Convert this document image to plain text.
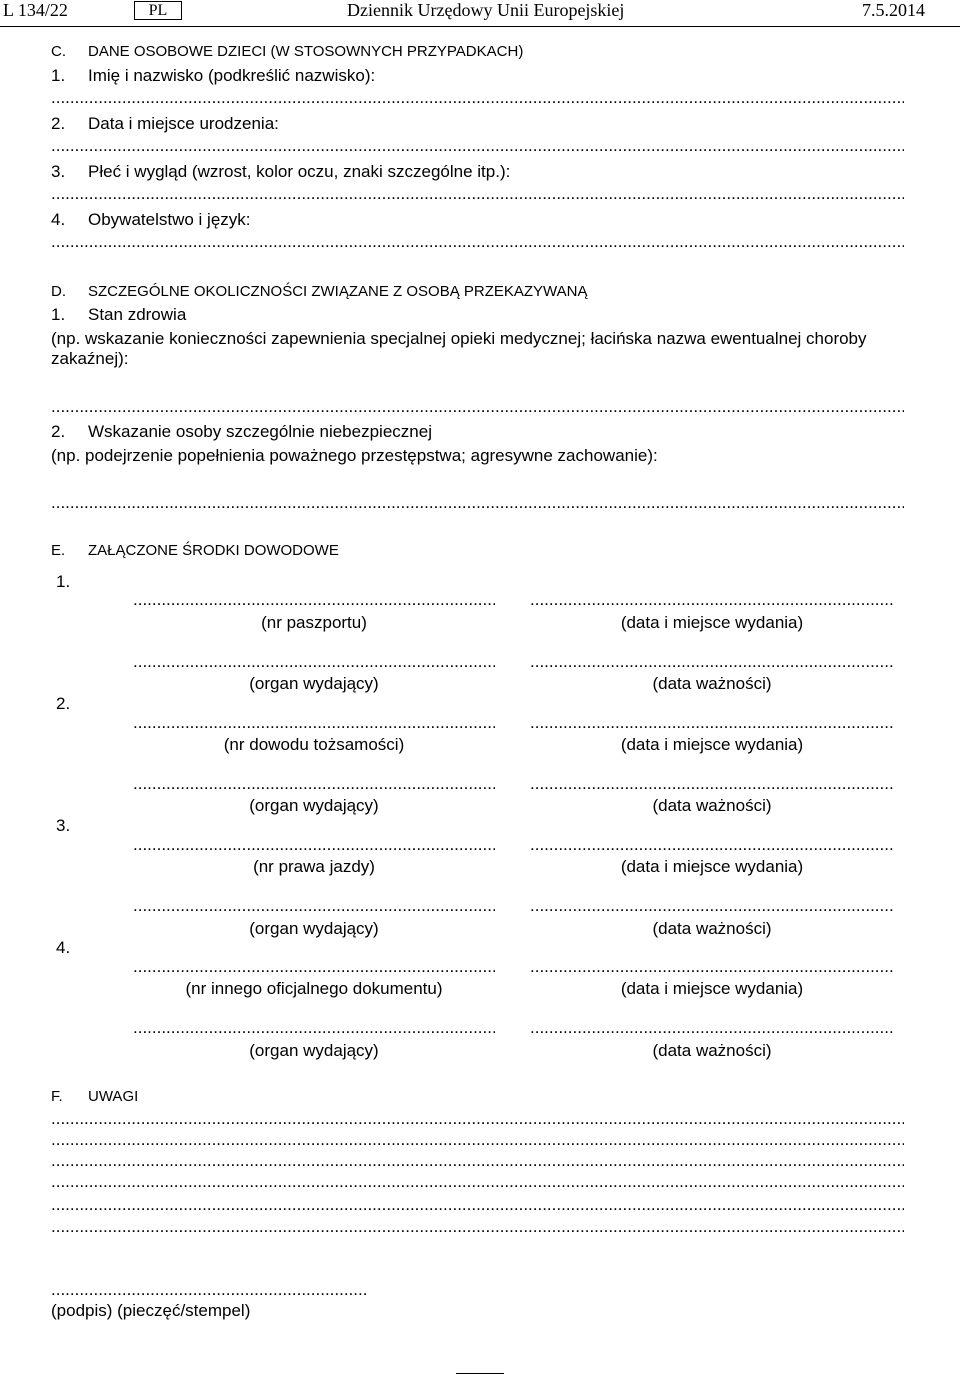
L 134/22	PL	Dziennik Urzędowy Unii Europejskiej	7.5.2014
C. DANE OSOBOWE DZIECI (W STOSOWNYCH PRZYPADKACH)
1. Imię i nazwisko (podkreślić nazwisko):
.....
2. Data i miejsce urodzenia:
.....
3. Płeć i wygląd (wzrost, kolor oczu, znaki szczególne itp.):
.....
4. Obywatelstwo i język:
.....
D. SZCZEGÓLNE OKOLICZNOŚCI ZWIĄZANE Z OSOBĄ PRZEKAZYWANĄ
1. Stan zdrowia
(np. wskazanie konieczności zapewnienia specjalnej opieki medycznej; łacińska nazwa ewentualnej choroby
zakaźnej):
.....
2. Wskazanie osoby szczególnie niebezpiecznej
(np. podejrzenie popełnienia poważnego przestępstwa; agresywne zachowanie):
.....
E. ZAŁĄCZONE ŚRODKI DOWODOWE
1.
.....
.....
(nr paszportu)	(data i miejsce wydania)
.....
.....
(organ wydający)	(data ważności)
2.
.....
.....
(nr dowodu tożsamości)	(data i miejsce wydania)
.....
.....
(organ wydający)	(data ważności)
3.
.....
.....
(nr prawa jazdy)	(data i miejsce wydania)
.....
.....
(organ wydający)	(data ważności)
4.
.....
.....
(nr innego oficjalnego dokumentu)	(data i miejsce wydania)
.....
.....
(organ wydający)	(data ważności)
F. UWAGI
.....
.....
.....
.....
.....
.....
.....
(podpis) (pieczęć/stempel)
